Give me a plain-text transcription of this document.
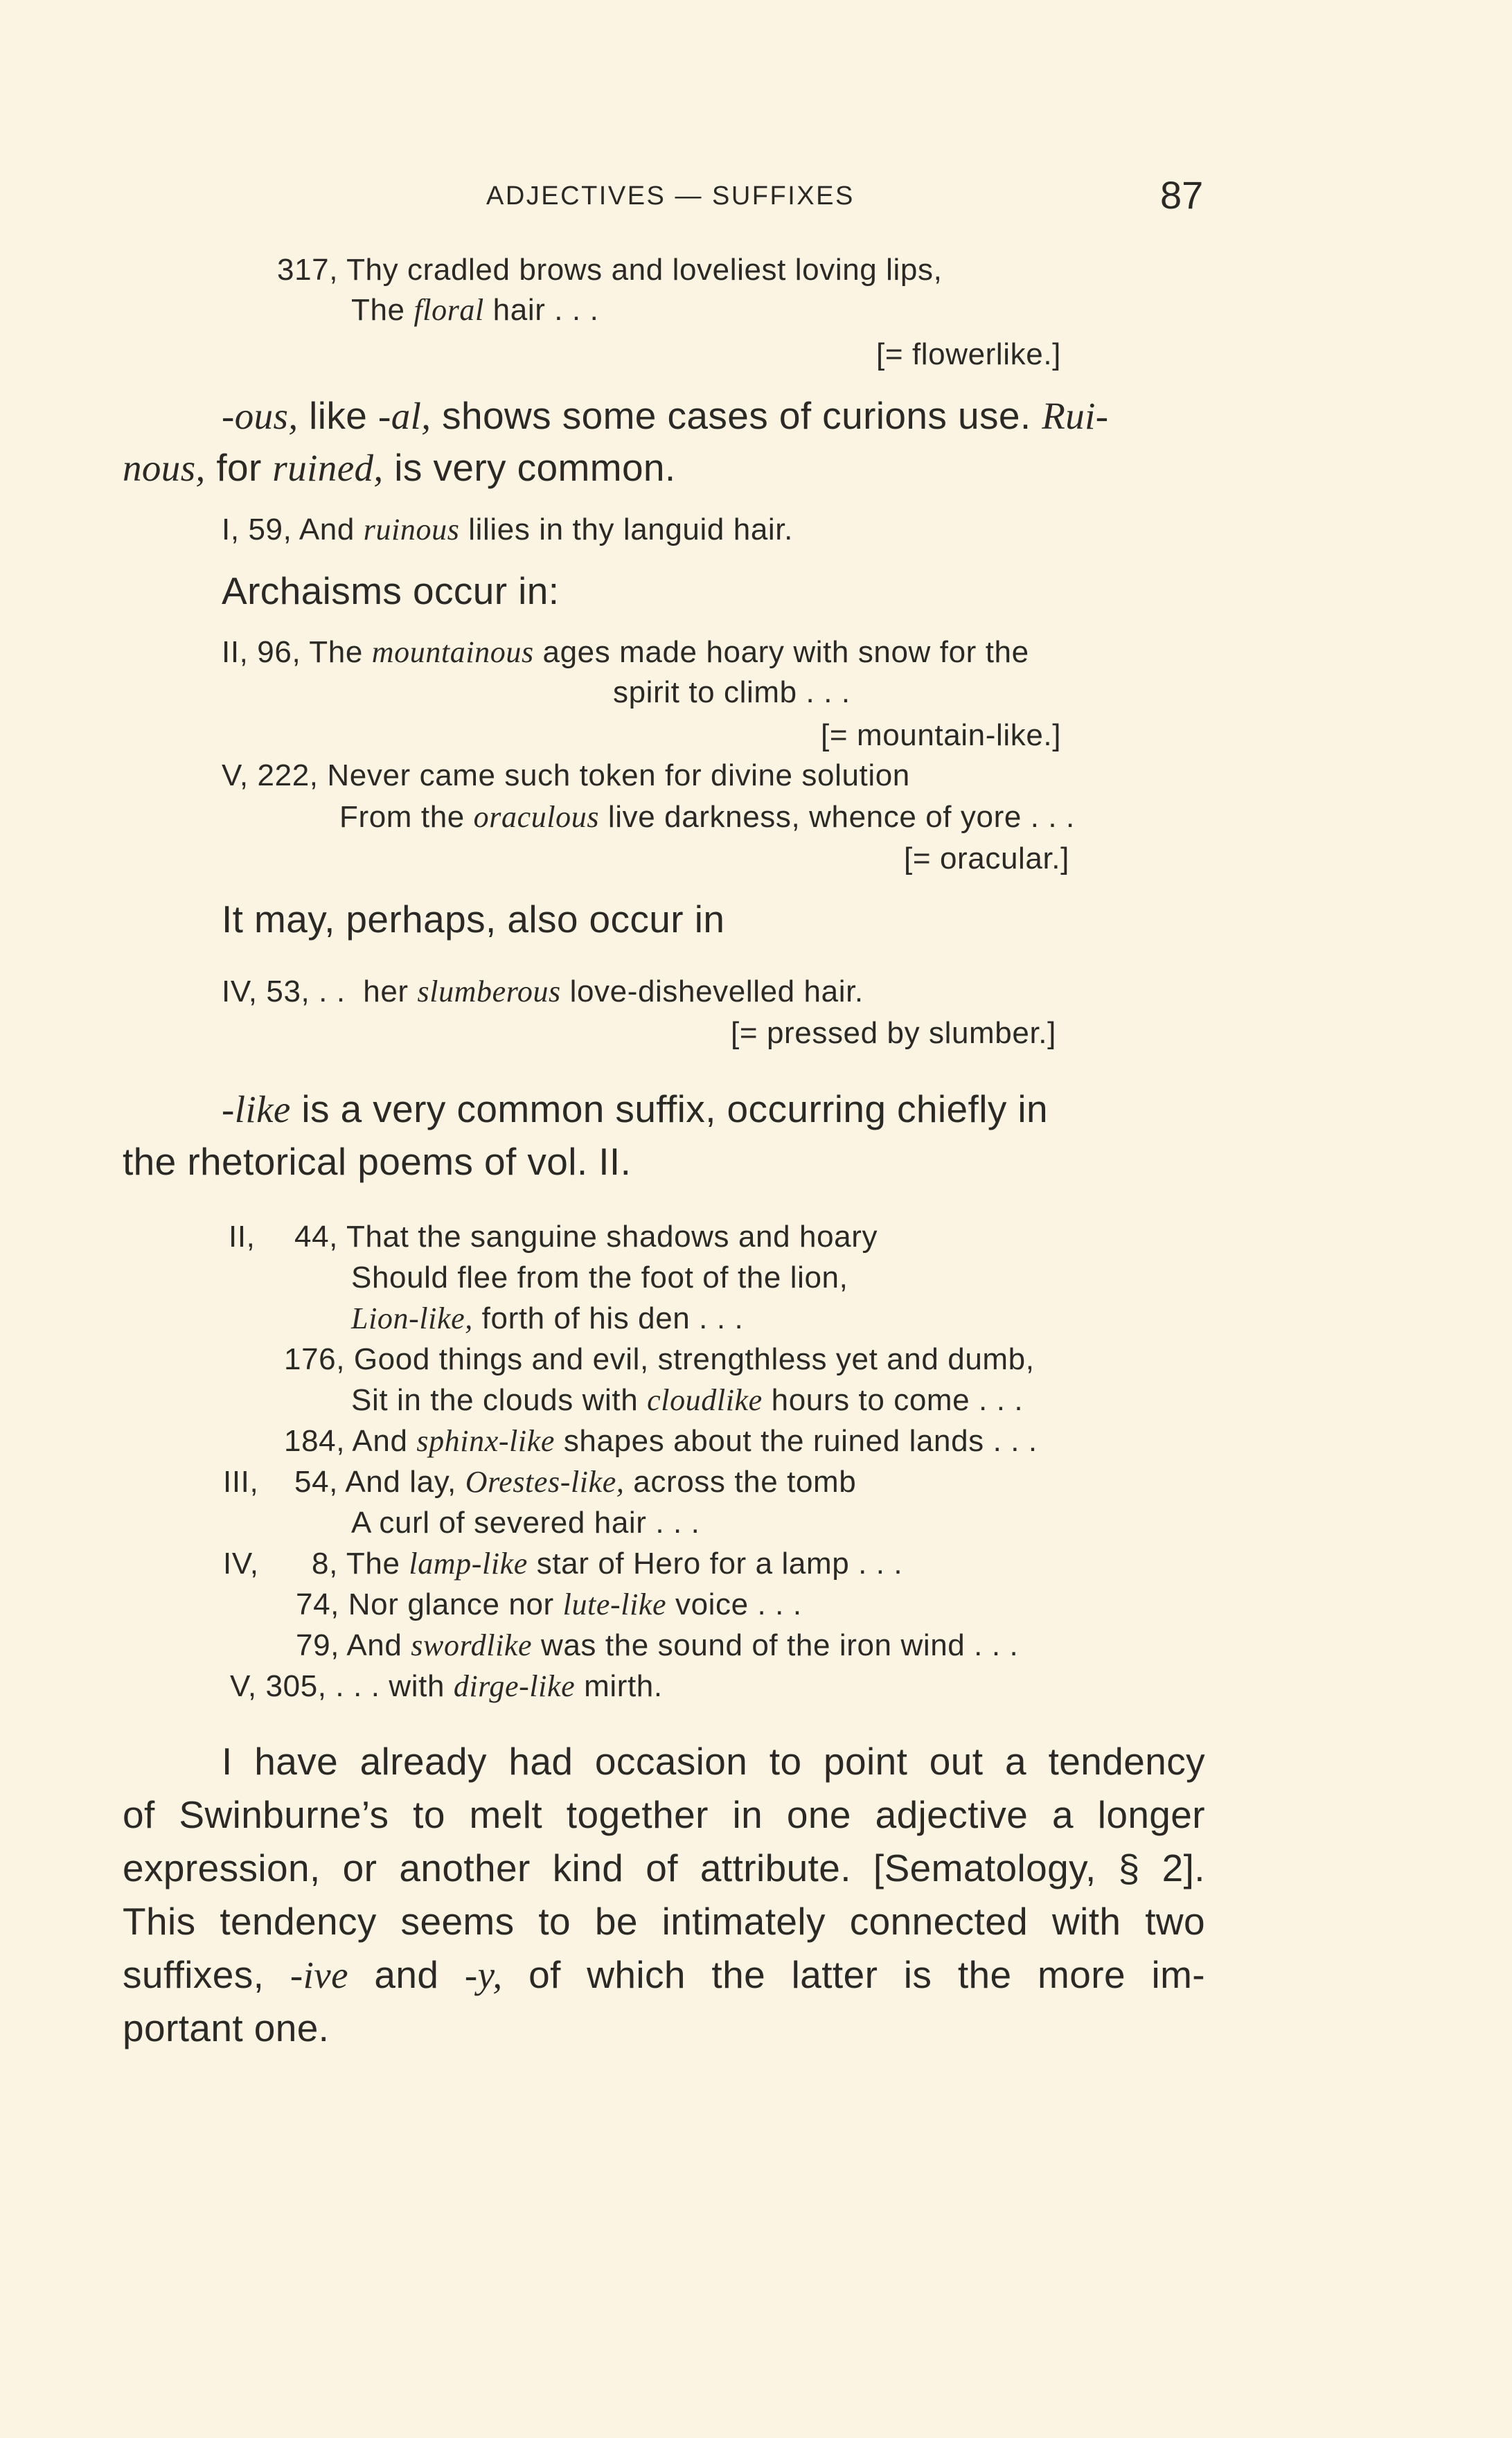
ADJECTIVES — SUFFIXES	87
317, Thy cradled brows and loveliest loving lips,
The floral hair . . .
[= flowerlike.]
-ous, like -al, shows some cases of curions use. Rui-
nous, for ruined, is very common.
I, 59, And ruinous lilies in thy languid hair.
Archaisms occur in:
II, 96, The mountainous ages made hoary with snow for the
spirit to climb . . .
[= mountain-like.]
V, 222, Never came such token for divine solution
From the oraculous live darkness, whence of yore . . .
[= oracular.]
It may, perhaps, also occur in
IV, 53, . .  her slumberous love-dishevelled hair.
[= pressed by slumber.]
-like is a very common suffix, occurring chiefly in
the rhetorical poems of vol. II.
II, 44, That the sanguine shadows and hoary
Should flee from the foot of the lion,
Lion-like, forth of his den . . .
176, Good things and evil, strengthless yet and dumb,
Sit in the clouds with cloudlike hours to come . . .
184, And sphinx-like shapes about the ruined lands . . .
III, 54, And lay, Orestes-like, across the tomb
A curl of severed hair . . .
IV, 8, The lamp-like star of Hero for a lamp . . .
74, Nor glance nor lute-like voice . . .
79, And swordlike was the sound of the iron wind . . .
V, 305, . . . with dirge-like mirth.
I have already had occasion to point out a tendency
of Swinburne’s to melt together in one adjective a longer
expression, or another kind of attribute. [Sematology, § 2].
This tendency seems to be intimately connected with two
suffixes, -ive and -y, of which the latter is the more im-
portant one.
